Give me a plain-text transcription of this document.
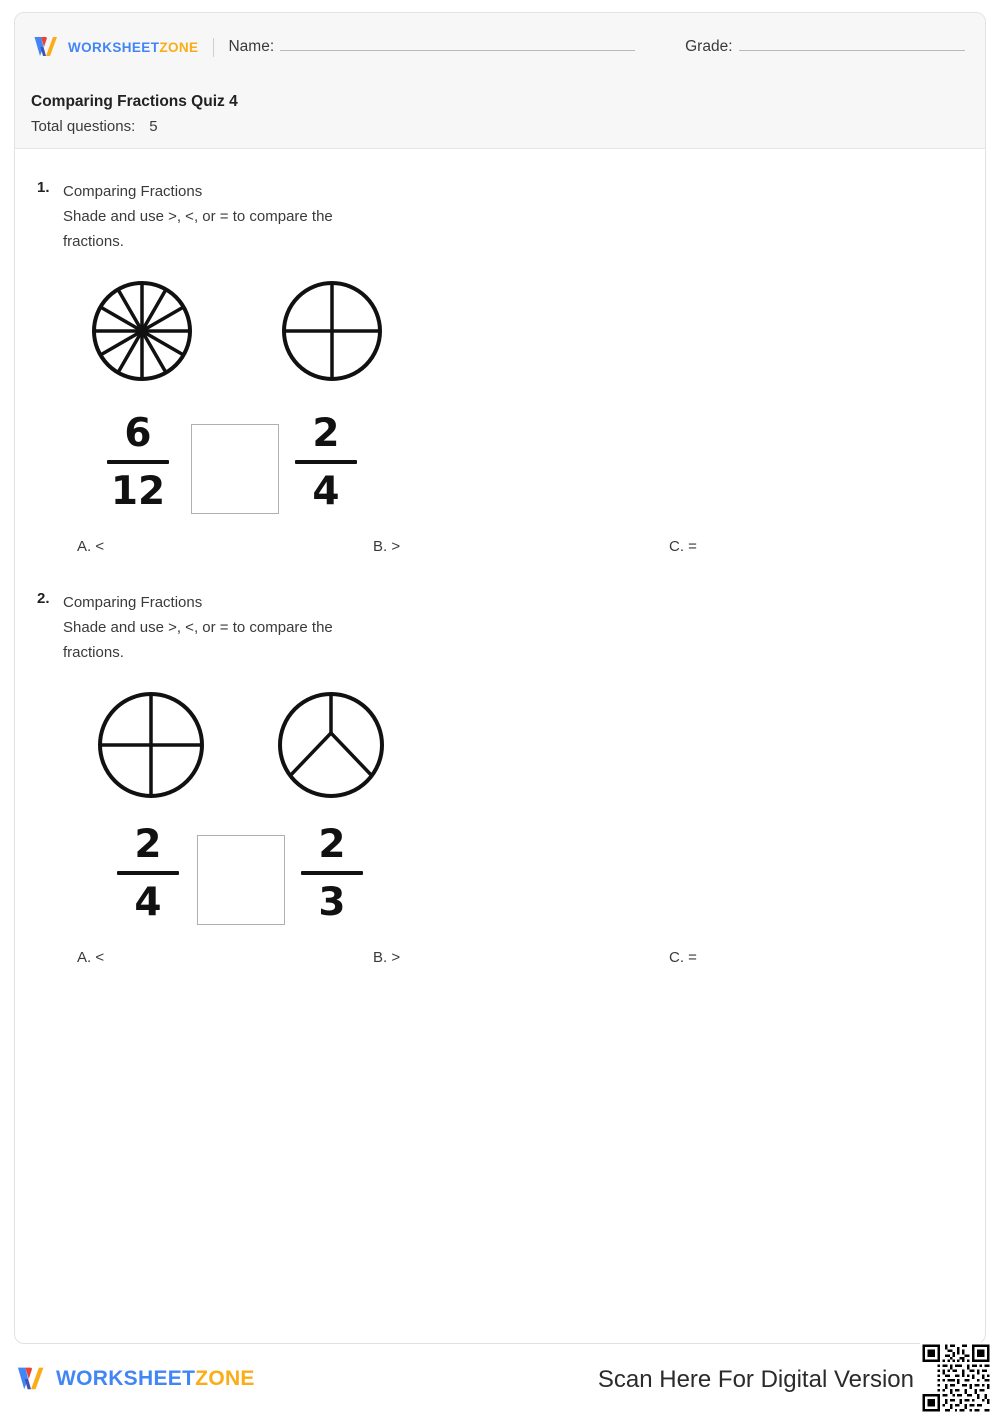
WORKSHEETZONE Name:	Grade:
Comparing Fractions Quiz 4
Total questions: 5
1. Comparing Fractions
Shade and use >, <, or = to compare the fractions.
6
12
2
4
A. <	B. >	C. =
2. Comparing Fractions
Shade and use >, <, or = to compare the fractions.
2
4
2
3
A. <	B. >	C. =
WORKSHEETZONE	Scan Here For Digital Version
